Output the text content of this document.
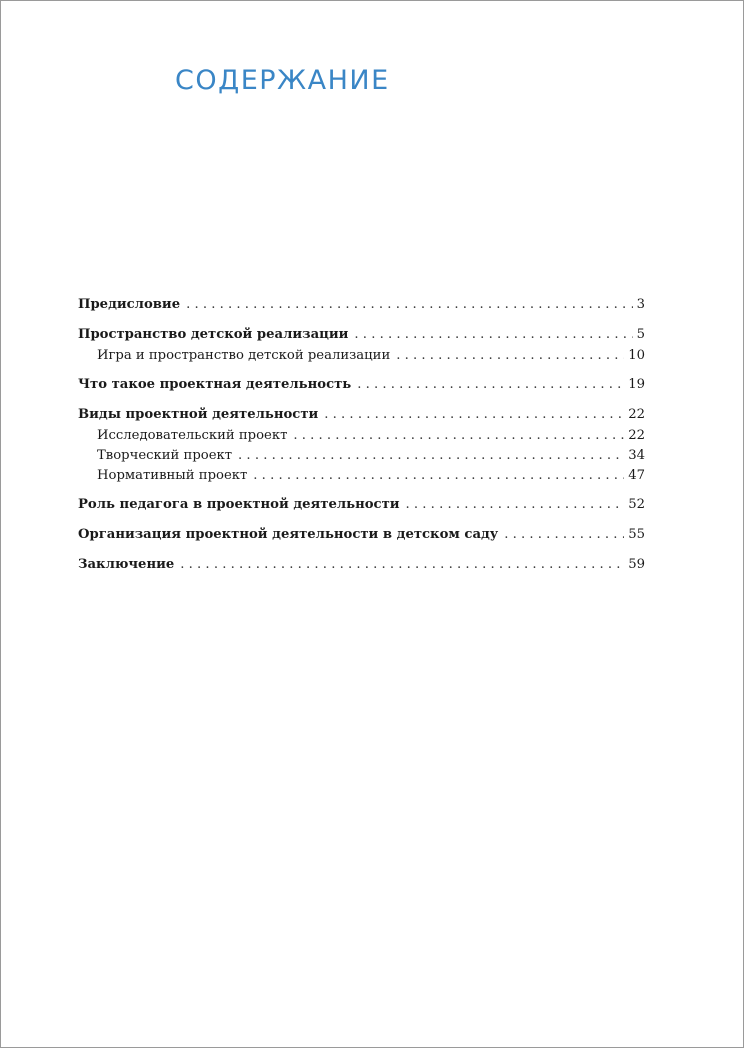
СОДЕРЖАНИЕ
Предисловие . . .	3
Пространство детской реализации . . .	5
Игра и пространство детской реализации . . .	10
Что такое проектная деятельность . . .	19
Виды проектной деятельности . . .	22
Исследовательский проект . . .	22
Творческий проект . . .	34
Нормативный проект . . .	47
Роль педагога в проектной деятельности . . .	52
Организация проектной деятельности в детском саду . . .	55
Заключение . . .	59
